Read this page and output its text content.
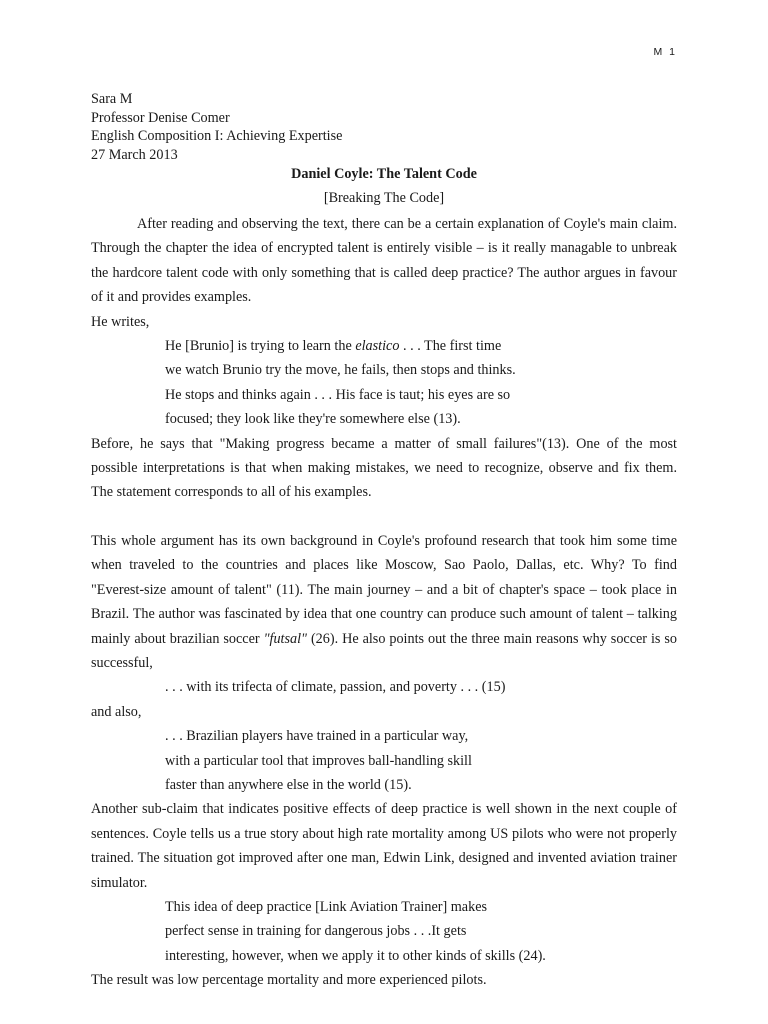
M 1
Sara M
Professor Denise Comer
English Composition I: Achieving Expertise
27 March 2013
Daniel Coyle: The Talent Code
[Breaking The Code]
After reading and observing the text, there can be a certain explanation of Coyle's main claim.
Through the chapter the idea of encrypted talent is entirely visible – is it really managable to unbreak
the hardcore talent code with only something that is called deep practice? The author argues in favour
of it and provides examples.
He writes,
He [Brunio] is trying to learn the elastico . . . The first time
we watch Brunio try the move, he fails, then stops and thinks.
He stops and thinks again . . . His face is taut; his eyes are so
focused; they look like they're somewhere else (13).
Before, he says that "Making progress became a matter of small failures"(13). One of the most
possible interpretations is that when making mistakes, we need to recognize, observe and fix them.
The statement corresponds to all of his examples.
This whole argument has its own background in Coyle's profound research that took him some time
when traveled to the countries and places like Moscow, Sao Paolo, Dallas, etc. Why? To find
"Everest-size amount of talent" (11). The main journey – and a bit of chapter's space – took place in
Brazil. The author was fascinated by idea that one country can produce such amount of talent – talking
mainly about brazilian soccer "futsal" (26). He also points out the three main reasons why soccer is so
successful,
. . . with its trifecta of climate, passion, and poverty . . . (15)
and also,
. . . Brazilian players have trained in a particular way,
with a particular tool that improves ball-handling skill
faster than anywhere else in the world (15).
Another sub-claim that indicates positive effects of deep practice is well shown in the next couple of
sentences. Coyle tells us a true story about high rate mortality among US pilots who were not properly
trained. The situation got improved after one man, Edwin Link, designed and invented aviation trainer
simulator.
This idea of deep practice [Link Aviation Trainer] makes
perfect sense in training for dangerous jobs . . .It gets
interesting, however, when we apply it to other kinds of skills (24).
The result was low percentage mortality and more experienced pilots.
